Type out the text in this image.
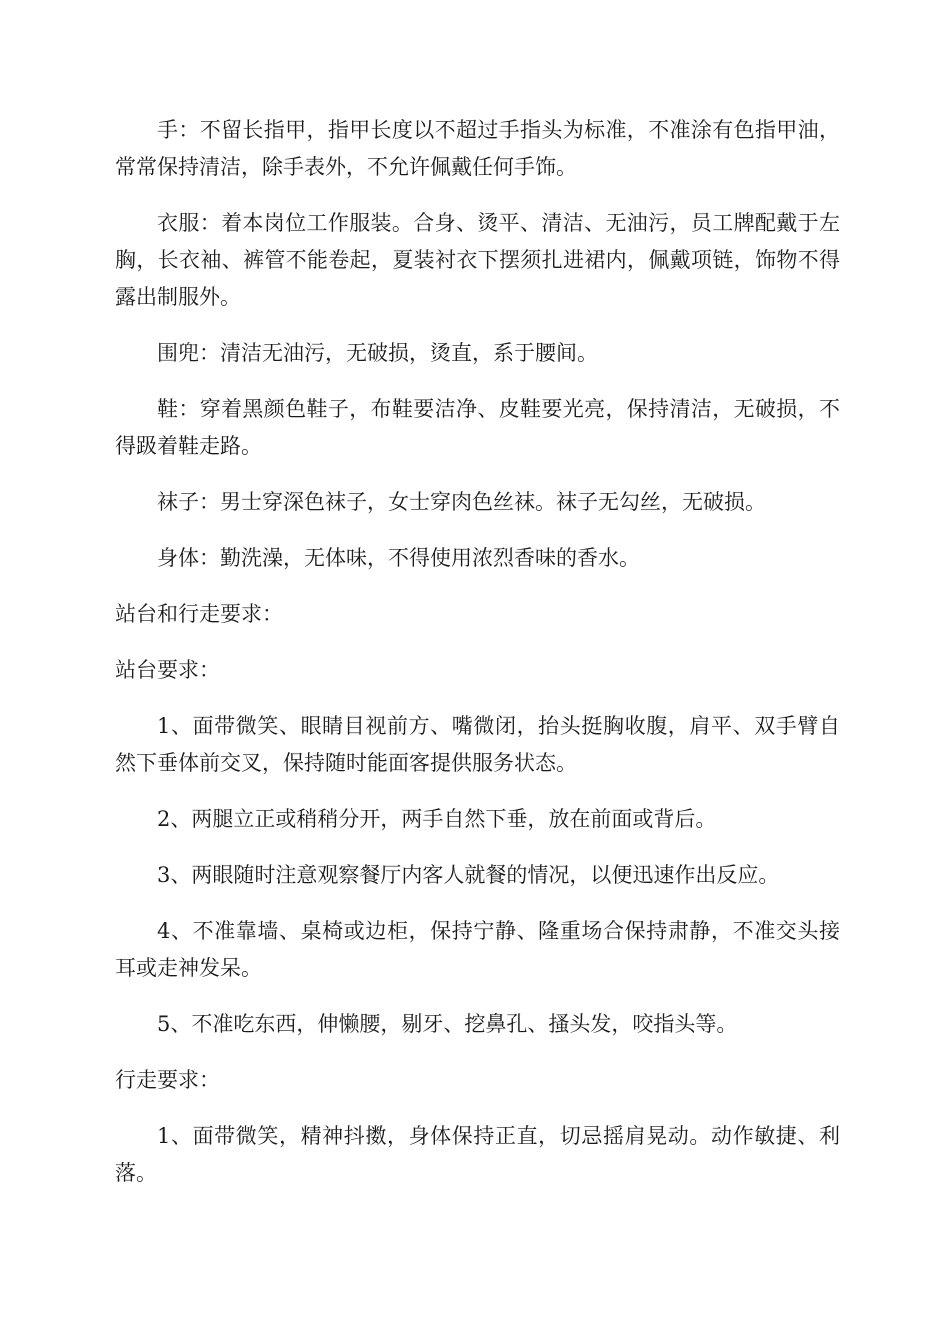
手：不留长指甲，指甲长度以不超过手指头为标准，不准涂有色指甲油，常常保持清洁，除手表外，不允许佩戴任何手饰。

衣服：着本岗位工作服装。合身、烫平、清洁、无油污，员工牌配戴于左胸，长衣袖、裤管不能卷起，夏装衬衣下摆须扎进裙内，佩戴项链，饰物不得露出制服外。

围兜：清洁无油污，无破损，烫直，系于腰间。

鞋：穿着黑颜色鞋子，布鞋要洁净、皮鞋要光亮，保持清洁，无破损，不得趿着鞋走路。

袜子：男士穿深色袜子，女士穿肉色丝袜。袜子无勾丝，无破损。

身体：勤洗澡，无体味，不得使用浓烈香味的香水。

站台和行走要求：

站台要求：

1、面带微笑、眼睛目视前方、嘴微闭，抬头挺胸收腹，肩平、双手臂自然下垂体前交叉，保持随时能面客提供服务状态。

2、两腿立正或稍稍分开，两手自然下垂，放在前面或背后。

3、两眼随时注意观察餐厅内客人就餐的情况，以便迅速作出反应。

4、不准靠墙、桌椅或边柜，保持宁静、隆重场合保持肃静，不准交头接耳或走神发呆。

5、不准吃东西，伸懒腰，剔牙、挖鼻孔、搔头发，咬指头等。

行走要求：

1、面带微笑，精神抖擞，身体保持正直，切忌摇肩晃动。动作敏捷、利落。
